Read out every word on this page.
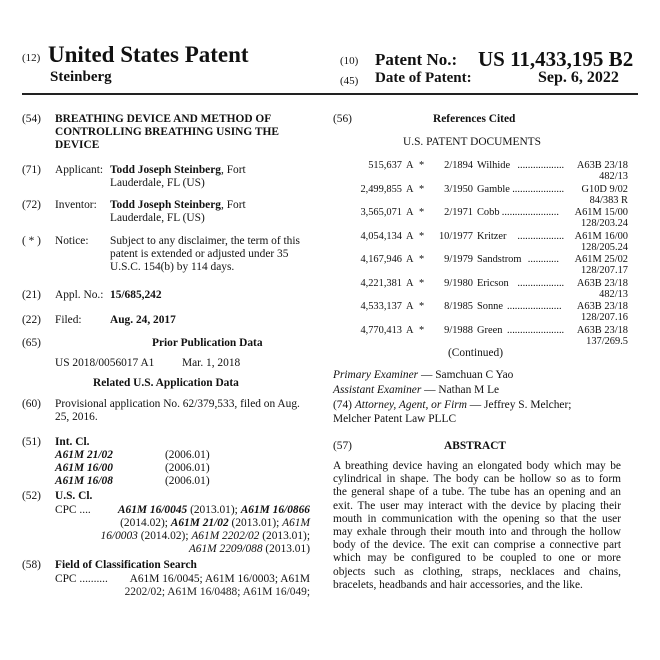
(12) United States Patent
Steinberg
(10) Patent No.: US 11,433,195 B2
(45) Date of Patent:	Sep. 6, 2022
(54) BREATHING DEVICE AND METHOD OF
CONTROLLING BREATHING USING THE
DEVICE
(71) Applicant: Todd Joseph Steinberg, Fort
Lauderdale, FL (US)
(72) Inventor: Todd Joseph Steinberg, Fort
Lauderdale, FL (US)
( * ) Notice: Subject to any disclaimer, the term of this
patent is extended or adjusted under 35
U.S.C. 154(b) by 114 days.
(21) Appl. No.: 15/685,242
(22) Filed: Aug. 24, 2017
(65)	Prior Publication Data
US 2018/0056017 A1 Mar. 1, 2018
Related U.S. Application Data
(60) Provisional application No. 62/379,533, filed on Aug.
25, 2016.
(51) Int. Cl.
A61M 21/02	(2006.01)
A61M 16/00	(2006.01)
A61M 16/08	(2006.01)
(52) U.S. Cl.
CPC ....	A61M 16/0045 (2013.01); A61M 16/0866
(2014.02); A61M 21/02 (2013.01); A61M
16/0003 (2014.02); A61M 2202/02 (2013.01);
A61M 2209/088 (2013.01)
(58) Field of Classification Search
CPC ..........	A61M 16/0045; A61M 16/0003; A61M
2202/02; A61M 16/0488; A61M 16/049;
(56)	References Cited
U.S. PATENT DOCUMENTS
515,637 A *	2/1894 Wilhide ..................	A63B 23/18
482/13
2,499,855 A *	3/1950 Gamble ....................	G10D 9/02
84/383 R
3,565,071 A *	2/1971 Cobb ......................	A61M 15/00
128/203.24
4,054,134 A *	10/1977 Kritzer	..................	A61M 16/00
128/205.24
4,167,946 A *	9/1979 Sandstrom ............	A61M 25/02
128/207.17
4,221,381 A *	9/1980 Ericson ..................	A63B 23/18
482/13
4,533,137 A *	8/1985 Sonne .....................	A63B 23/18
128/207.16
4,770,413 A *	9/1988 Green ......................	A63B 23/18
137/269.5
(Continued)
Primary Examiner — Samchuan C Yao
Assistant Examiner — Nathan M Le
(74) Attorney, Agent, or Firm — Jeffrey S. Melcher;
Melcher Patent Law PLLC
(57)	ABSTRACT
A breathing device having an elongated body which may be
cylindrical in shape. The body can be hollow so as to form
the general shape of a tube. The tube has an opening and an
exit. The user may interact with the device by placing their
mouth in communication with the opening so that the user
may exhale through their mouth into and through the hollow
body of the device. The exit can comprise a connective part
which may be configured to be coupled to one or more
objects such as clothing, straps, necklaces and chains,
bracelets, headbands and hair accessories, and the like.
